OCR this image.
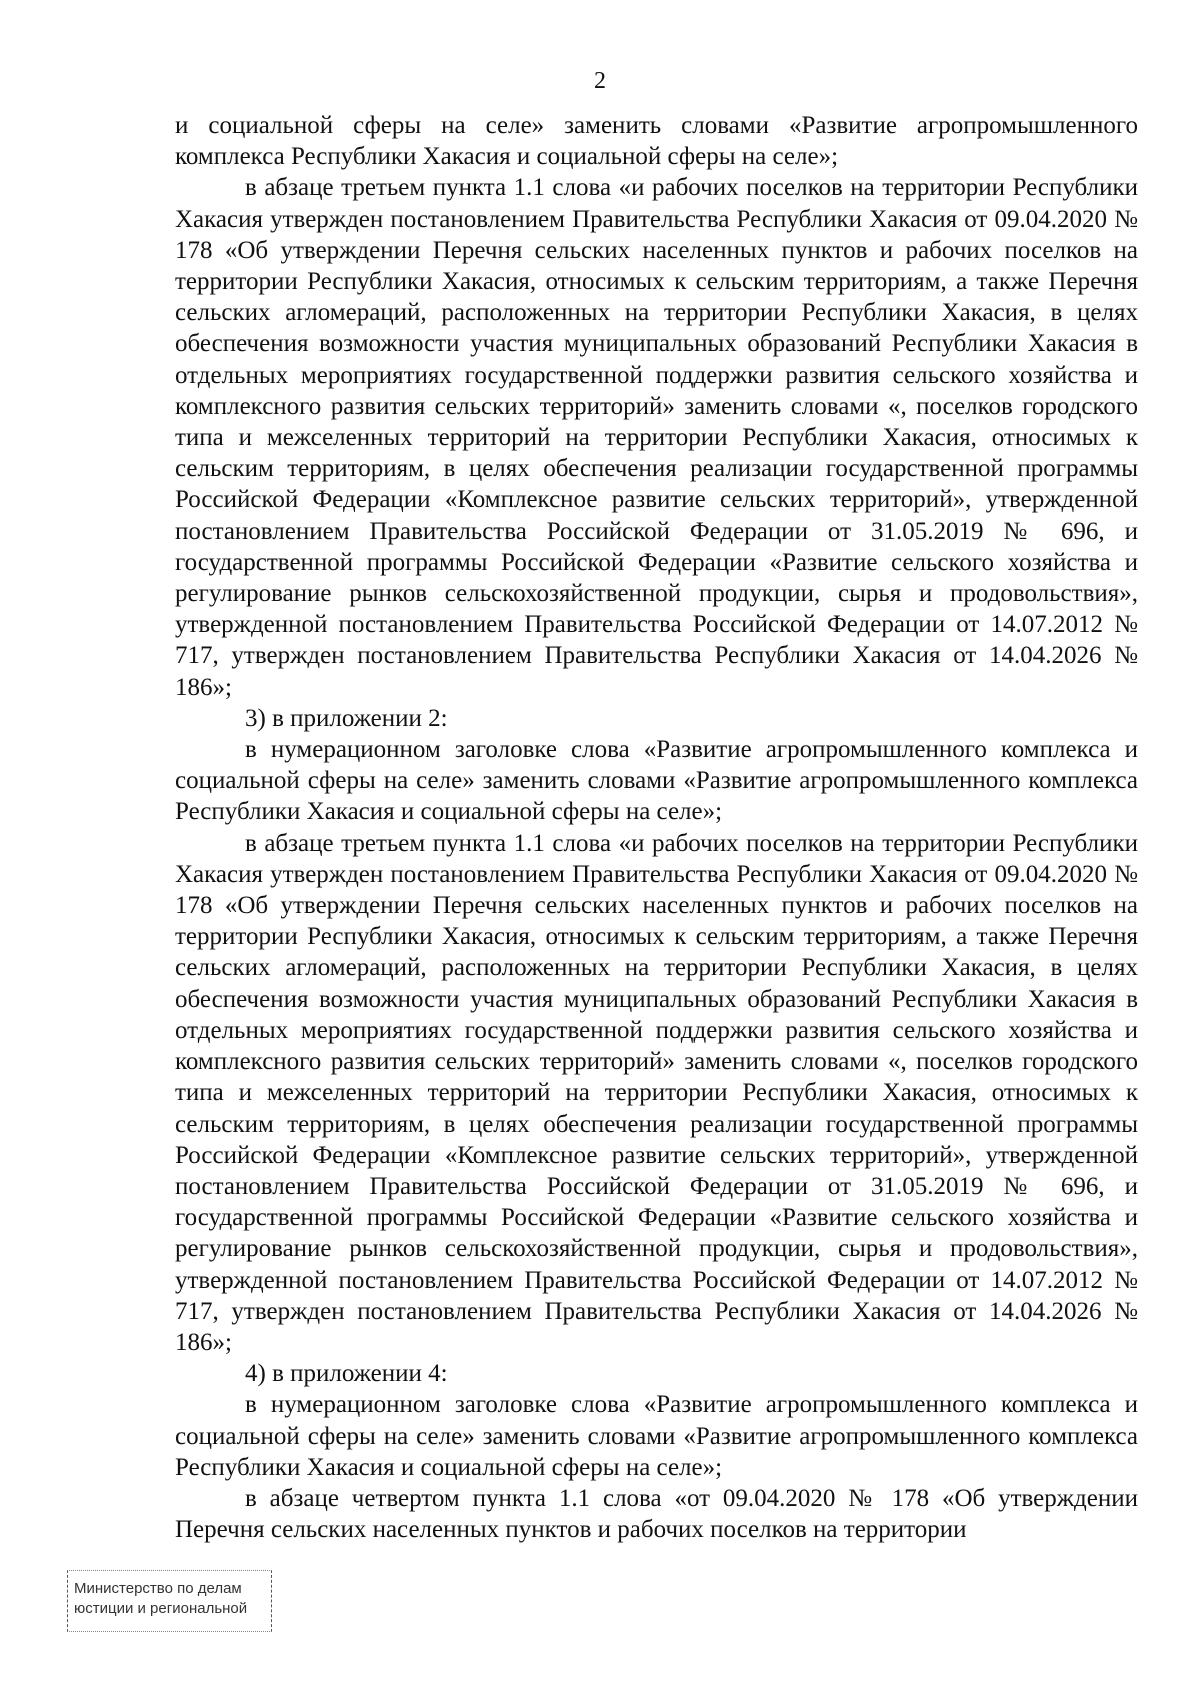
2

и социальной сферы на селе» заменить словами «Развитие агропромышленного комплекса Республики Хакасия и социальной сферы на селе»;

в абзаце третьем пункта 1.1 слова «и рабочих поселков на территории Республики Хакасия утвержден постановлением Правительства Республики Хакасия от 09.04.2020 № 178 «Об утверждении Перечня сельских населенных пунктов и рабочих поселков на территории Республики Хакасия, относимых к сельским территориям, а также Перечня сельских агломераций, расположенных на территории Республики Хакасия, в целях обеспечения возможности участия муниципальных образований Республики Хакасия в отдельных мероприятиях государственной поддержки развития сельского хозяйства и комплексного развития сельских территорий» заменить словами «, поселков городского типа и межселенных территорий на территории Республики Хакасия, относимых к сельским территориям, в целях обеспечения реализации государственной программы Российской Федерации «Комплексное развитие сельских территорий», утвержденной постановлением Правительства Российской Федерации от 31.05.2019 № 696, и государственной программы Российской Федерации «Развитие сельского хозяйства и регулирование рынков сельскохозяйственной продукции, сырья и продовольствия», утвержденной постановлением Правительства Российской Федерации от 14.07.2012 № 717, утвержден постановлением Правительства Республики Хакасия от 14.04.2026 № 186»;

3) в приложении 2:

в нумерационном заголовке слова «Развитие агропромышленного комплекса и социальной сферы на селе» заменить словами «Развитие агропромышленного комплекса Республики Хакасия и социальной сферы на селе»;

в абзаце третьем пункта 1.1 слова «и рабочих поселков на территории Республики Хакасия утвержден постановлением Правительства Республики Хакасия от 09.04.2020 № 178 «Об утверждении Перечня сельских населенных пунктов и рабочих поселков на территории Республики Хакасия, относимых к сельским территориям, а также Перечня сельских агломераций, расположенных на территории Республики Хакасия, в целях обеспечения возможности участия муниципальных образований Республики Хакасия в отдельных мероприятиях государственной поддержки развития сельского хозяйства и комплексного развития сельских территорий» заменить словами «, поселков городского типа и межселенных территорий на территории Республики Хакасия, относимых к сельским территориям, в целях обеспечения реализации государственной программы Российской Федерации «Комплексное развитие сельских территорий», утвержденной постановлением Правительства Российской Федерации от 31.05.2019 № 696, и государственной программы Российской Федерации «Развитие сельского хозяйства и регулирование рынков сельскохозяйственной продукции, сырья и продовольствия», утвержденной постановлением Правительства Российской Федерации от 14.07.2012 № 717, утвержден постановлением Правительства Республики Хакасия от 14.04.2026 № 186»;

4) в приложении 4:

в нумерационном заголовке слова «Развитие агропромышленного комплекса и социальной сферы на селе» заменить словами «Развитие агропромышленного комплекса Республики Хакасия и социальной сферы на селе»;

в абзаце четвертом пункта 1.1 слова «от 09.04.2020 № 178 «Об утверждении Перечня сельских населенных пунктов и рабочих поселков на территории

Министерство по делам
юстиции и региональной
